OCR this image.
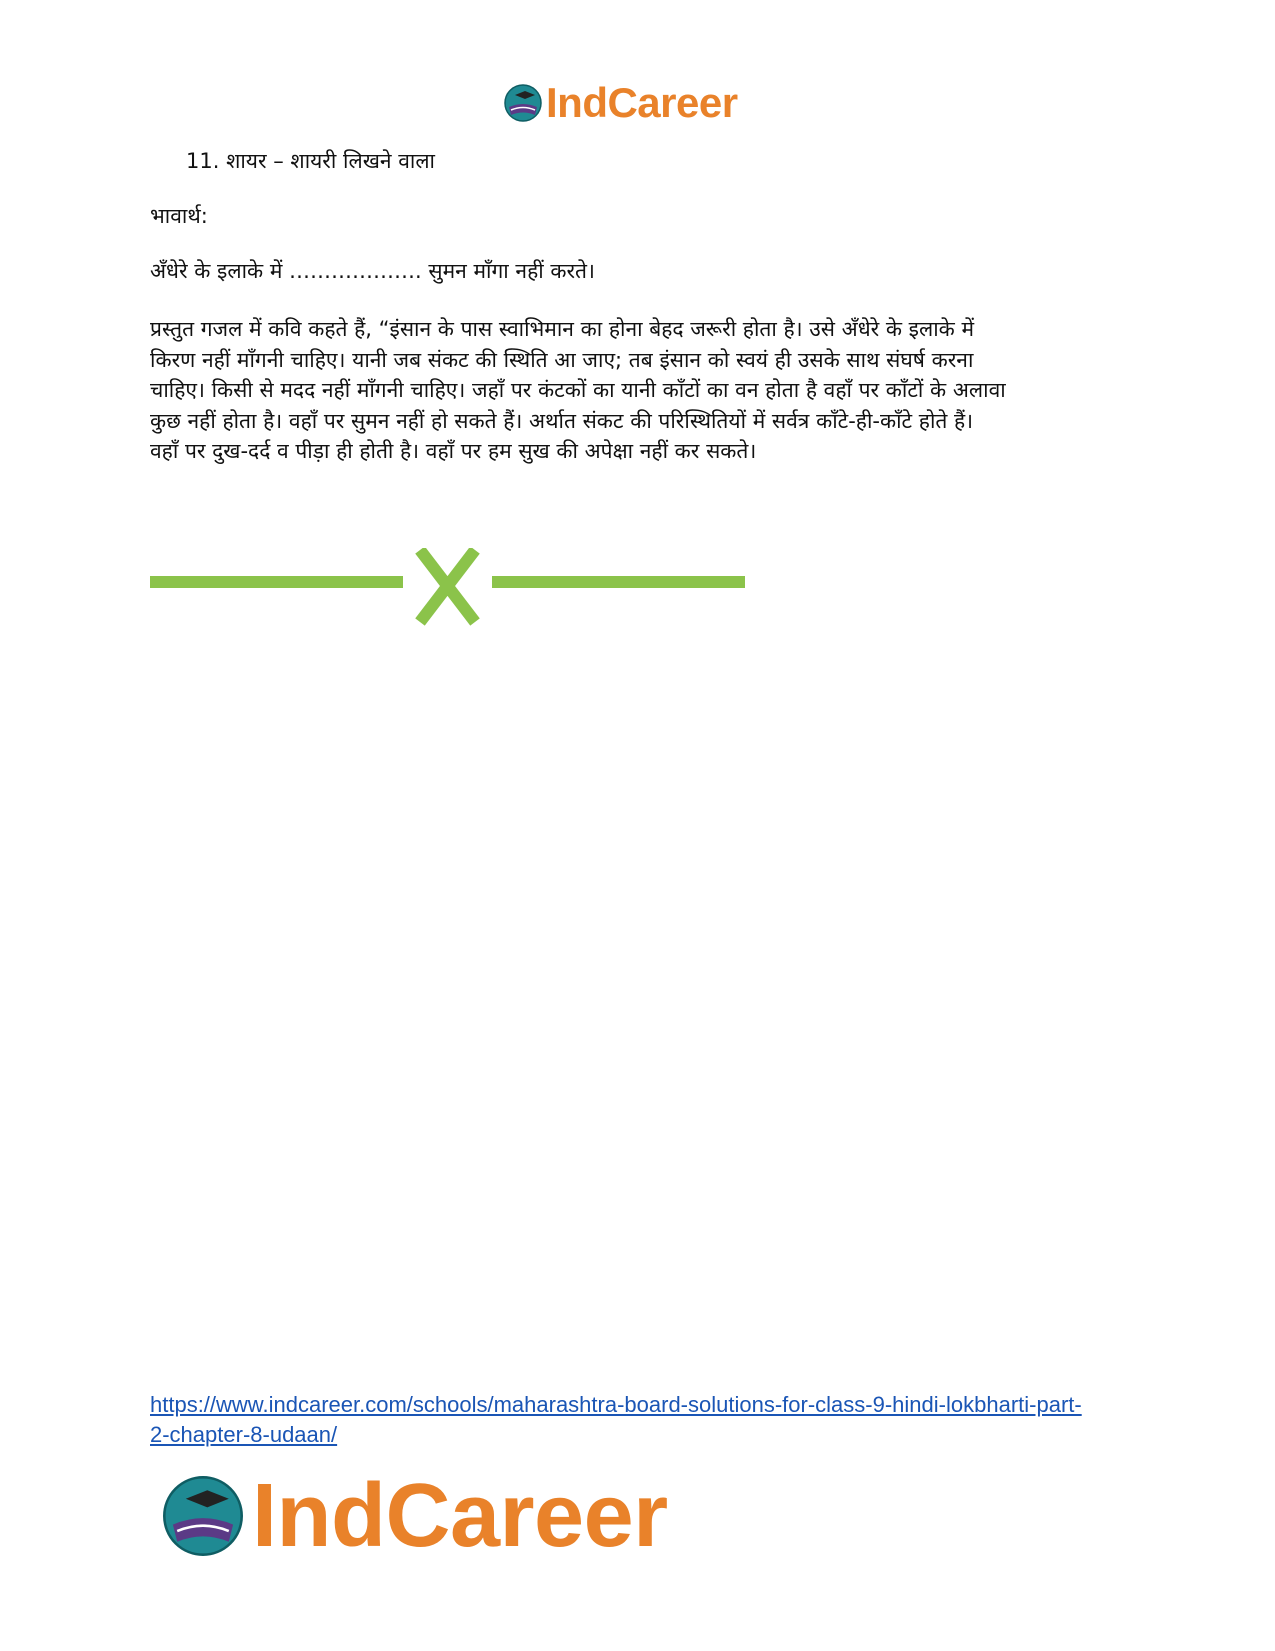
IndCareer
11. शायर – शायरी लिखने वाला
भावार्थ:
अँधेरे के इलाके में ………………. सुमन माँगा नहीं करते।

प्रस्तुत गजल में कवि कहते हैं, “इंसान के पास स्वाभिमान का होना बेहद जरूरी होता है। उसे अँधेरे के इलाके में

किरण नहीं माँगनी चाहिए। यानी जब संकट की स्थिति आ जाए; तब इंसान को स्वयं ही उसके साथ संघर्ष करना

चाहिए। किसी से मदद नहीं माँगनी चाहिए। जहाँ पर कंटकों का यानी काँटों का वन होता है वहाँ पर काँटों के अलावा

कुछ नहीं होता है। वहाँ पर सुमन नहीं हो सकते हैं। अर्थात संकट की परिस्थितियों में सर्वत्र काँटे-ही-काँटे होते हैं।

वहाँ पर दुख-दर्द व पीड़ा ही होती है। वहाँ पर हम सुख की अपेक्षा नहीं कर सकते।

https://www.indcareer.com/schools/maharashtra-board-solutions-for-class-9-hindi-lokbharti-part-
2-chapter-8-udaan/
IndCareer
